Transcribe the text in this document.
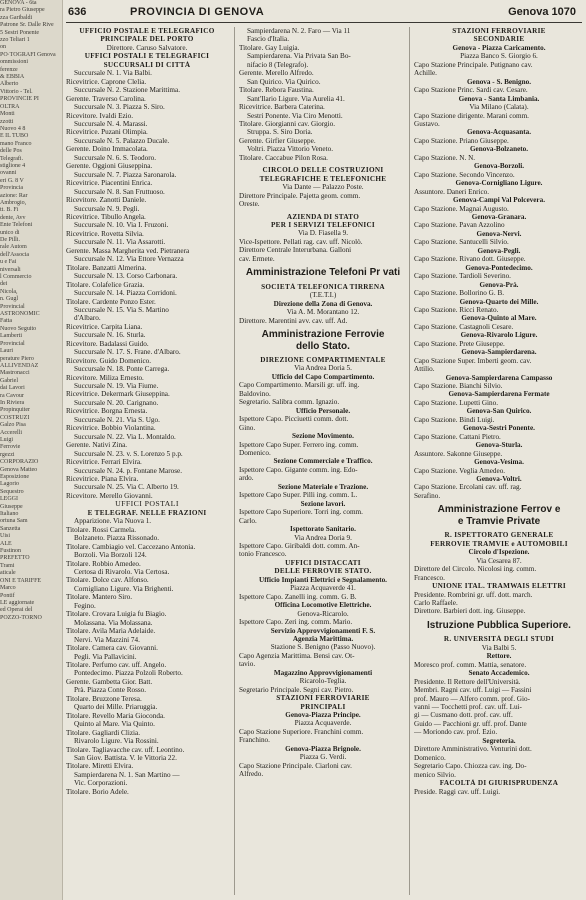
GENOVA - 6ta
ra Pietro Giuseppe
zza Garibaldi
Patrone Sr. Dalle Rive
5 Sestri Ponente
zzo Teliari 1
on
PO·TOGRAFI Genova
ommissioni
ferenze
& EBBIA
Alberto
Vittorio - Tel.
PROVINCIE PI
OLTRA
Monti
zzotti
Nuovo 4 8
E IL TUBO
mano Franco
delle Pos
Telegrafi.
stiglione 4
ovanni
eri G. 8 V
Provincia
azione: Rar
Ambrogio,
tt. B. Fi
dente, Avv
Ente Telefoni
unico di
De Pilli.
rale Autom
dell'Associa
u e Fai
niversali
l Commercio
dei
Nicola,
n. Gugl
Provincial
ASTRONOMIC
Fatta
Nuovo Seguito
Lamberti
Provincial
Lauri
perature Piero
ALLIVENDAZ
Mastronacci
Gabriel
dai Lavori
ra Cavour
In Riviera
Propinquiter
COSTRUZI
Galzo Pisa
Accerelli
Luigi
Ferrovie
rgezzi
CORPORAZIO
Genova Matteo
Esposizione
Lagorio
Sequestro
LEGGI
Giuseppe
Italiano
ortuna Sam
Sanzetta
Uisi
ALE
Fustinon
PREFETTO
Trami
aticale
ONI E TARIFFE
Marco
Pontif
LE aggiornate
ed Operai del
POZZO-TORNO
636	PROVINCIA DI GENOVA	Genova 1070
UFFICIO POSTALE E TELEGRAFICO
PRINCIPALE DEL PORTO
Direttore. Caruso Salvatore.
UFFICI POSTALI E TELEGRAFICI
SUCCURSALI DI CITTÀ
Succursale N. 1. Via Balbi.
Ricevitrice. Caprone Clelia.
Succursale N. 2. Stazione Marittima.
Gerente. Traverso Carolina.
Succursale N. 3. Piazza S. Siro.
Ricevitore. Ivaldi Ezio.
Succursale N. 4. Marassi.
Ricevitrice. Puzani Olimpia.
Succursale N. 5. Palazzo Ducale.
Gerente. Doino Immacolata.
Succursale N. 6. S. Teodoro.
Gerente. Oggioni Giuseppina.
Succursale N. 7. Piazza Saronarola.
Ricevitrice. Piacentini Enrica.
Succursale N. 8. San Fruttuoso.
Ricevitore. Zanotti Daniele.
Succursale N. 9. Pegli.
Ricevitrice. Tibullo Angela.
Succursale N. 10. Via I. Fruzoni.
Ricevitrice. Rovetta Silvia.
Succursale N. 11. Via Assarotti.
Gerente. Massa Margherita ved. Pietranera
Succursale N. 12. Via Ettore Vernazza
Titolare. Banzatti Almerina.
Succursale N. 13. Corso Carbonara.
Titolare. Colafelice Grazia.
Succursale N. 14. Piazza Corridoni.
Titolare. Cardente Ponzo Ester.
Succursale N. 15. Via S. Martino
d'Albaro.
Ricevitrice. Carpita Liana.
Succursale N. 16. Sturla.
Ricevitore. Badalassi Guido.
Succursale N. 17. S. Frane. d'Albaro.
Ricevitore. Guido Domenico.
Succursale N. 18. Ponte Carrega.
Ricevitore. Miliza Ernesto.
Succursale N. 19. Via Fiume.
Ricevitrice. Dekermark Giuseppina.
Succursale N. 20. Carignano.
Ricevitrice. Borgna Ernesta.
Succursale N. 21. Via S. Ugo.
Ricevitrice. Bobbio Violantina.
Succursale N. 22. Via L. Montaldo.
Gerente. Nativi Zina.
Succursale N. 23. v. S. Lorenzo 5 p.p.
Ricevitrice. Ferrari Elvira.
Succursale N. 24. p. Fontane Marose.
Ricevitrice. Piana Elvira.
Succursale N. 25. Via C. Alberto 19.
Ricevitore. Merello Giovanni.
UFFICI POSTALI
E TELEGRAF. NELLE FRAZIONI
Apparizione. Via Nuova 1.
Titolare. Rossi Carmela.
Bolzaneto. Piazza Rissonado.
Titolare. Cambiagio vel. Caccezano Antonia.
Borzoli. Via Borzoli 124.
Titolare. Robbio Amedeo.
Certosa di Rivarolo. Via Certosa.
Titolare. Dolce cav. Alfonso.
Cornigliano Ligure. Via Brighenti.
Titolare. Mantero Siro.
Fegino.
Titolare. Crovara Luigia fu Biagio.
Molassana. Via Molassana.
Titolare. Avila Maria Adelaide.
Nervi. Via Mazzini 74.
Titolare. Camera cav. Giovanni.
Pegli. Via Pallavicini.
Titolare. Perfumo cav. uff. Angelo.
Pontedecimo. Piazza Polzoli Roberto.
Gerente. Gambetta Gior. Batt.
Prà. Piazza Conte Rosso.
Titolare. Bruzzone Teresa.
Quarto dei Mille. Priaruggia.
Titolare. Revello Maria Gioconda.
Quinto al Mare. Via Quinto.
Titolare. Gagliardi Clizia.
Rivarolo Ligure. Via Rossini.
Titolare. Tagliavacche cav. uff. Leontino.
San Giov. Battista. V. le Vittoria 22.
Titolare. Miretti Elvira.
Sampierdarena N. 1. San Martino —
Vic. Corporazioni.
Titolare. Borio Adele.
Sampierdarena N. 2. Faro — Via 11
Fascio d'Italia.
Titolare. Gay Luigia.
Sampierdarena. Via Privata San Bo-
nifacio 8 (Telegrafo).
Gerente. Merello Alfredo.
San Quirico. Via Quirico.
Titolare. Rebora Faustina.
Sant'Ilario Ligure. Via Aurelia 41.
Ricevitrice. Barbera Caterina.
Sestri Ponente. Via Ciro Menotti.
Titolare. Giorgianni cav. Giorgio.
Struppa. S. Siro Doria.
Gerente. Girfier Giuseppe.
Voltri. Piazza Vittorio Veneto.
Titolare. Caccabue Pilon Rosa.
CIRCOLO DELLE COSTRUZIONI
TELEGRAFICHE E TELEFONICHE
Via Dante — Palazzo Poste.
Direttore Principale. Pajetta geom. comm.
Oreste.
AZIENDA DI STATO
PER I SERVIZI TELEFONICI
Via D. Fiasella 9.
Vice-Ispettore. Pellati rag. cav. uff. Nicolò.
Direttore Centrale Interurbana. Galloni
cav. Ermete.
Amministrazione Telefoni Pr vati
SOCIETÀ TELEFONICA TIRRENA
(T.E.T.I.)
Direzione della Zona di Genova.
Via A. M. Morantano 12.
Direttore. Marentini avv. cav. uff. Ad.
Amministrazione Ferrovie
dello Stato.
DIREZIONE COMPARTIMENTALE
Via Andrea Doria 5.
Ufficio del Capo Compartimento.
Capo Compartimento. Marsili gr. uff. ing.
Baldovino.
Segretario. Salibra comm. Ignazio.
Ufficio Personale.
Ispettore Capo. Picciuetti comm. dott.
Gino.
Sezione Movimento.
Ispettore Capo Super. Ferrero ing. comm.
Domenico.
Sezione Commerciale e Traffico.
Ispettore Capo. Gigante comm. ing. Edo-
ardo.
Sezione Materiale e Trazione.
Ispettore Capo Super. Pilli ing. comm. L.
Sezione lavori.
Ispettore Capo Superiore. Torri ing. comm.
Carlo.
Ispettorato Sanitario.
Via Andrea Doria 9.
Ispettore Capo. Giribaldi dott. comm. An-
tonio Francesco.
UFFICI DISTACCATI
DELLE FERROVIE STATO.
Ufficio Impianti Elettrici e Segnalamento.
Piazza Acquaverde 41.
Ispettore Capo. Zanelli ing. comm. G. B.
Officina Locomotive Elettriche.
Genova-Ricarolo.
Ispettore Capo. Zeri ing. comm. Mario.
Servizio Approvvigionamenti F. S.
Agenzia Marittima.
Stazione S. Benigno (Passo Nuovo).
Capo Agenzia Marittima. Bensi cav. Ot-
tavio.
Magazzino Approvvigionamenti
Ricarolo-Teglia.
Segretario Principale. Segni cav. Pietro.
STAZIONI FERROVIARIE
PRINCIPALI
Genova-Piazza Principe.
Piazza Acquaverde.
Capo Stazione Superiore. Franchini comm.
Franchino.
Genova-Piazza Brignole.
Piazza G. Verdi.
Capo Stazione Principale. Ciarloni cav.
Alfredo.
STAZIONI FERROVIARIE
SECONDARIE
Genova - Piazza Caricamento.
Piazza Banco S. Giorgio 6.
Capo Stazione Principale. Putignano cav.
Achille.
Genova - S. Benigno.
Capo Stazione Princ. Sardi cav. Cesare.
Genova - Santa Limbania.
Via Milano (Calata).
Capo Stazione dirigente. Marani comm.
Gustavo.
Genova-Acquasanta.
Capo Stazione. Priano Giuseppe.
Genova-Bolzaneto.
Capo Stazione. N. N.
Genova-Borzoli.
Capo Stazione. Secondo Vincenzo.
Genova-Cornigliano Ligure.
Assuntore. Daneri Enrico.
Genova-Campi Val Polcevera.
Capo Stazione. Magnai Augusto.
Genova-Granara.
Capo Stazione. Pavan Azzolino
Genova-Nervi.
Capo Stazione. Santucelli Silvio.
Genova-Pegli.
Capo Stazione. Rivano dott. Giuseppe.
Genova-Pontedecimo.
Capo Stazione. Tardioli Severino.
Genova-Prà.
Capo Stazione. Bollorino G. B.
Genova-Quarto dei Mille.
Capo Stazione. Ricci Renato.
Genova-Quinto al Mare.
Capo Stazione. Castagnoli Cesare.
Genova-Rivarolo Ligure.
Capo Stazione. Prete Giuseppe.
Genova-Sampierdarena.
Capo Stazione Super. Imberti geom. cav.
Attilio.
Genova-Sampierdarena Campasso
Capo Stazione. Bianchi Silvio.
Genova-Sampierdarena Fermate
Capo Stazione. Lupetti Gino.
Genova-San Quirico.
Capo Stazione. Bindi Luigi.
Genova-Sestri Ponente.
Capo Stazione. Cattani Pietro.
Genova-Sturla.
Assuntore. Sakonne Giuseppe.
Genova-Vesima.
Capo Stazione. Veglia Amedeo.
Genova-Voltri.
Capo Stazione. Ercolani cav. uff. rag.
Serafino.
Amministrazione Ferrov e
e Tramvie Private
R. ISPETTORATO GENERALE
FERROVIE TRAMVIE e AUTOMOBILI
Circolo d'Ispezione.
Via Cesarea 87.
Direttore del Circolo. Nicolosi ing. comm.
Francesco.
UNIONE ITAL. TRAMWAIS ELETTRI
Presidente. Rombrini gr. uff. dott. march.
Carlo Raffaele.
Direttore. Barbieri dott. ing. Giuseppe.
Istruzione Pubblica Superiore.
R. UNIVERSITÀ DEGLI STUDI
Via Balbi 5.
Rettore.
Moresco prof. comm. Mattia, senatore.
Senato Accademico.
Presidente. Il Rettore dell'Università.
Membri. Ragni cav. uff. Luigi — Fassini
prof. Mauro — Alfero comm. prof. Gio-
vanni — Tocchetti prof. cav. uff. Lui-
gi — Cusmano dott. prof. cav. uff.
Guido — Pacchioni gr. uff. prof. Dante
— Moriondo cav. prof. Ezio.
Segreteria.
Direttore Amministrativo. Venturini dott.
Domenico.
Segretario Capo. Chiozza cav. ing. Do-
menico Silvio.
FACOLTÀ DI GIURISPRUDENZA
Preside. Raggi cav. uff. Luigi.
